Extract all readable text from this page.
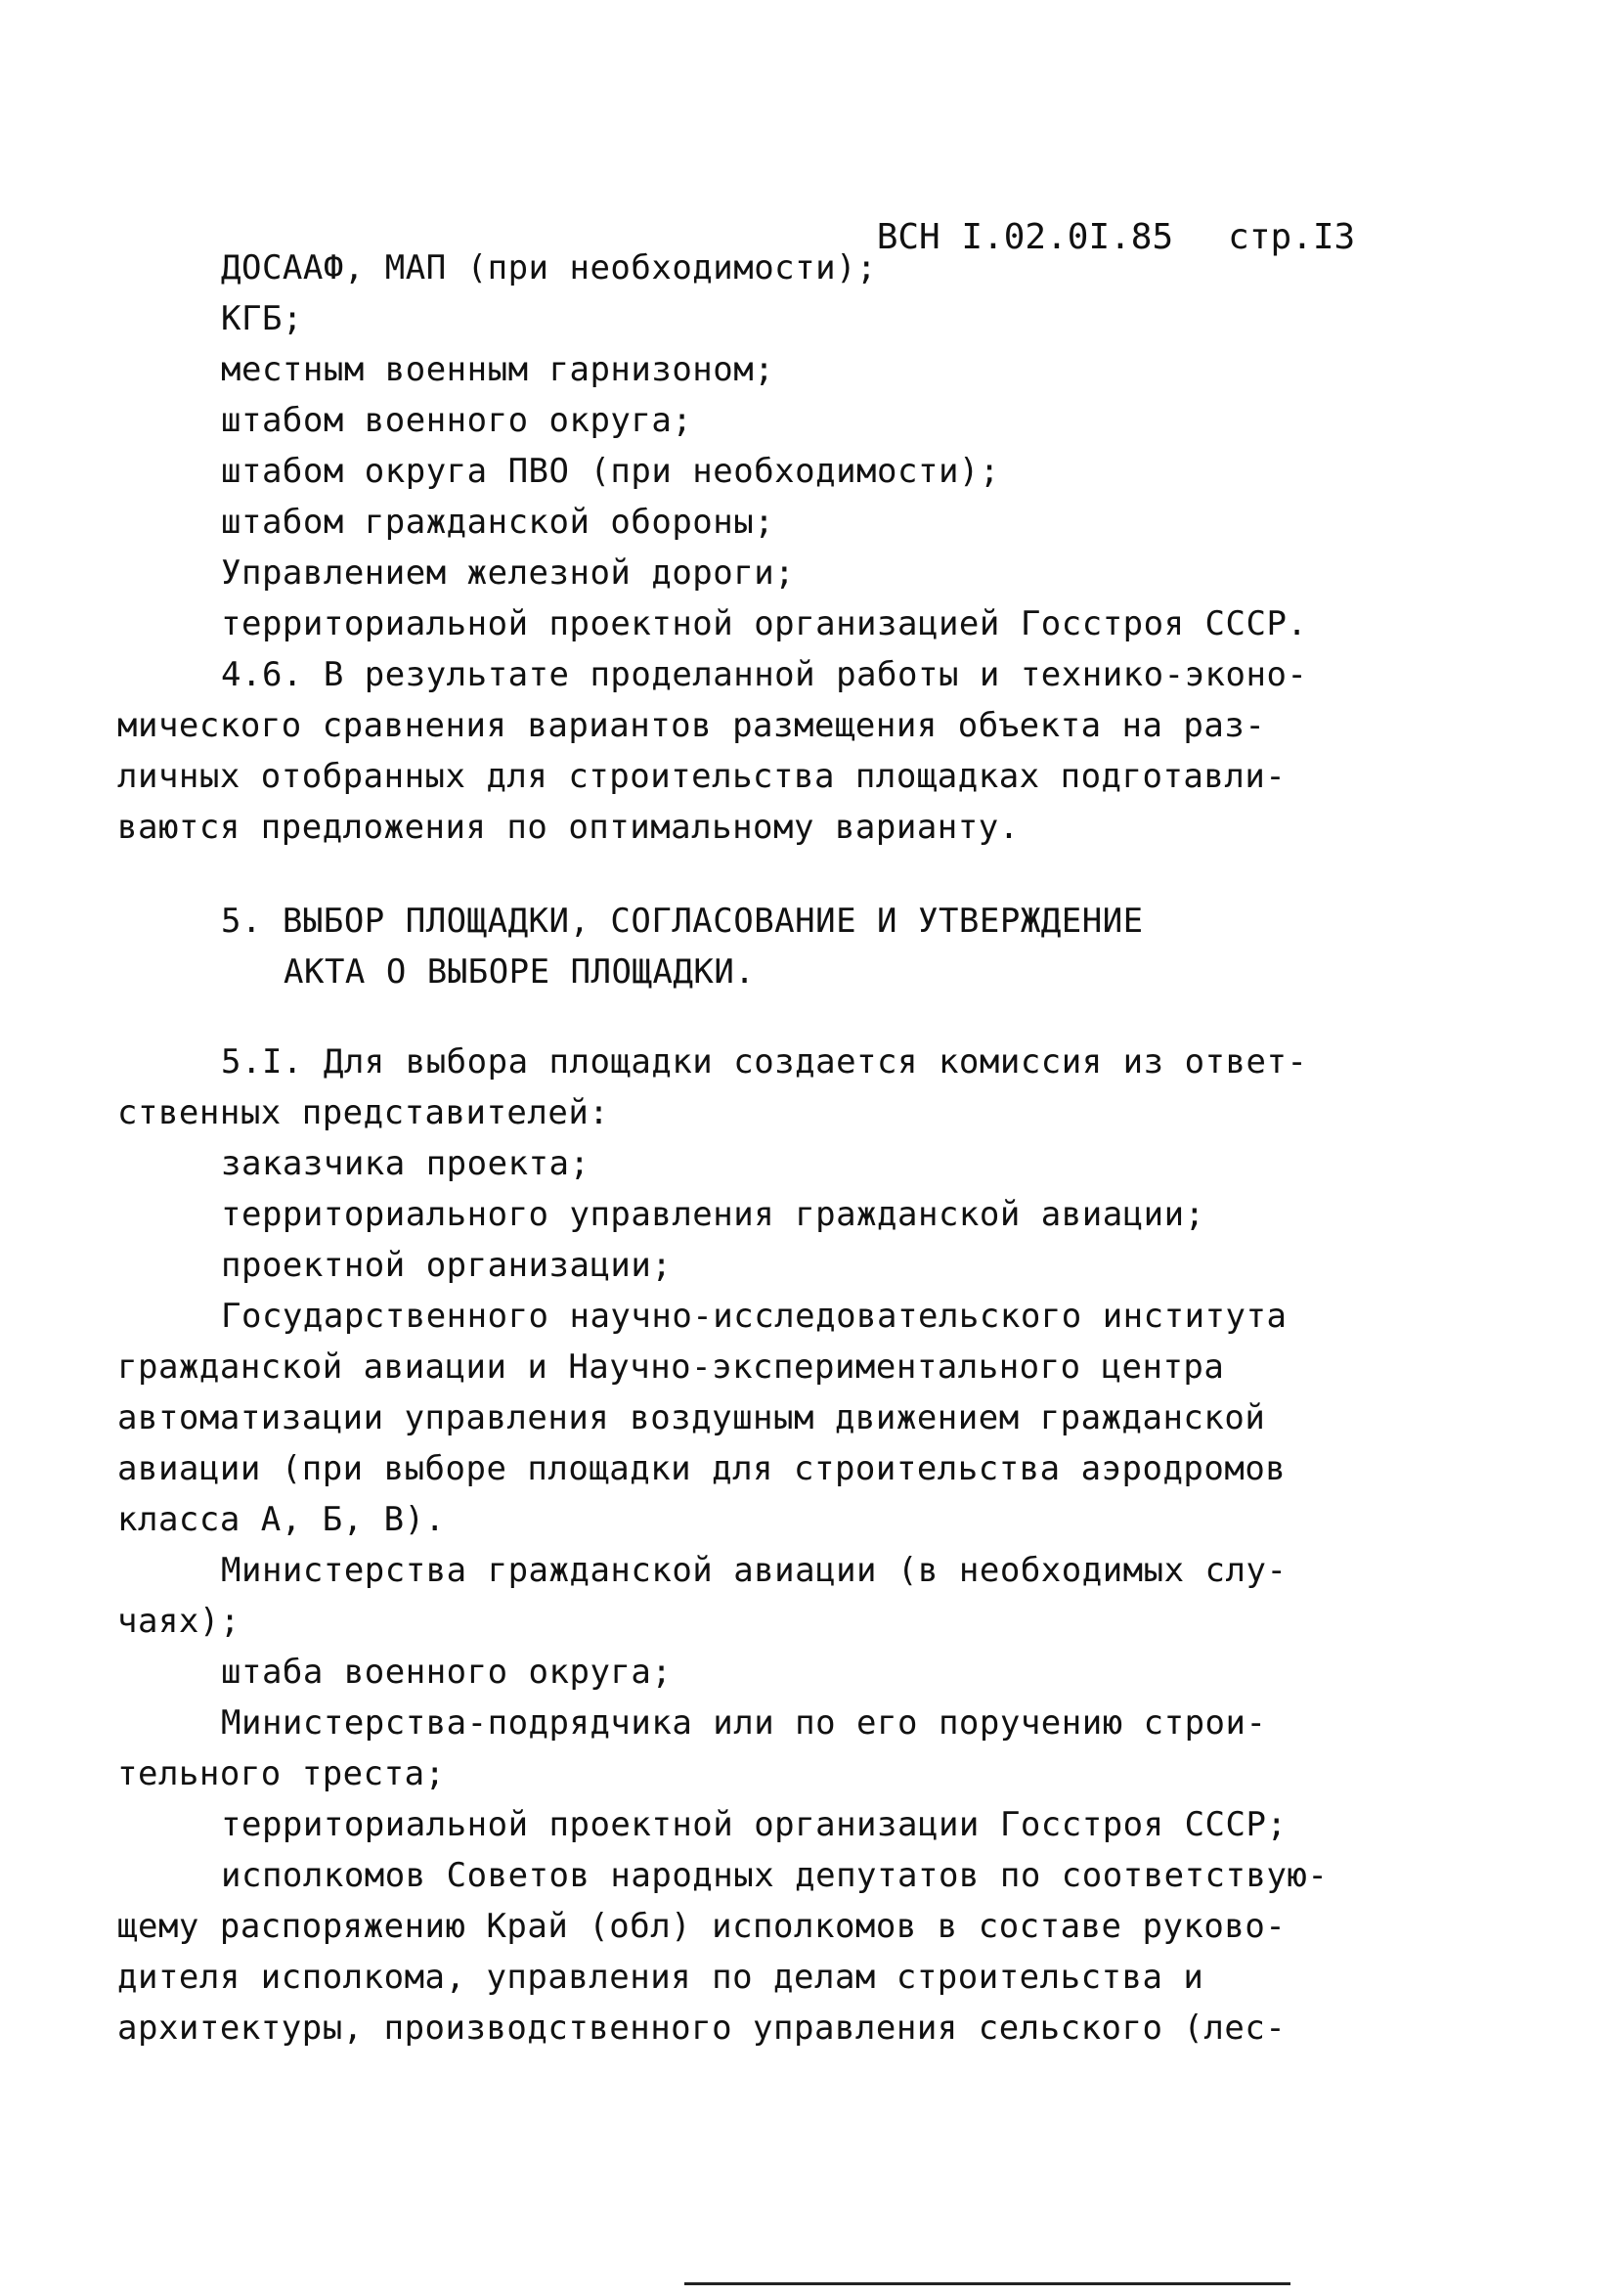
ВСН I.02.0I.85 стр.I3

ДОСААФ, МАП (при необходимости);
КГБ;
местным военным гарнизоном;
штабом военного округа;
штабом округа ПВО (при необходимости);
штабом гражданской обороны;
Управлением железной дороги;
территориальной проектной организацией Госстроя СССР.
4.6. В результате проделанной работы и технико-эконо-
мического сравнения вариантов размещения объекта на раз-
личных отобранных для строительства площадках подготавли-
ваются предложения по оптимальному варианту.
5. ВЫБОР ПЛОЩАДКИ, СОГЛАСОВАНИЕ И УТВЕРЖДЕНИЕ
АКТА О ВЫБОРЕ ПЛОЩАДКИ.
5.I. Для выбора площадки создается комиссия из ответ-
ственных представителей:
заказчика проекта;
территориального управления гражданской авиации;
проектной организации;
Государственного научно-исследовательского института
гражданской авиации и Научно-экспериментального центра
автоматизации управления воздушным движением гражданской
авиации (при выборе площадки для строительства аэродромов
класса А, Б, В).
Министерства гражданской авиации (в необходимых слу-
чаях);
штаба военного округа;
Министерства-подрядчика или по его поручению строи-
тельного треста;
территориальной проектной организации Госстроя СССР;
исполкомов Советов народных депутатов по соответствую-
щему распоряжению Край (обл) исполкомов в составе руково-
дителя исполкома, управления по делам строительства и
архитектуры, производственного управления сельского (лес-
